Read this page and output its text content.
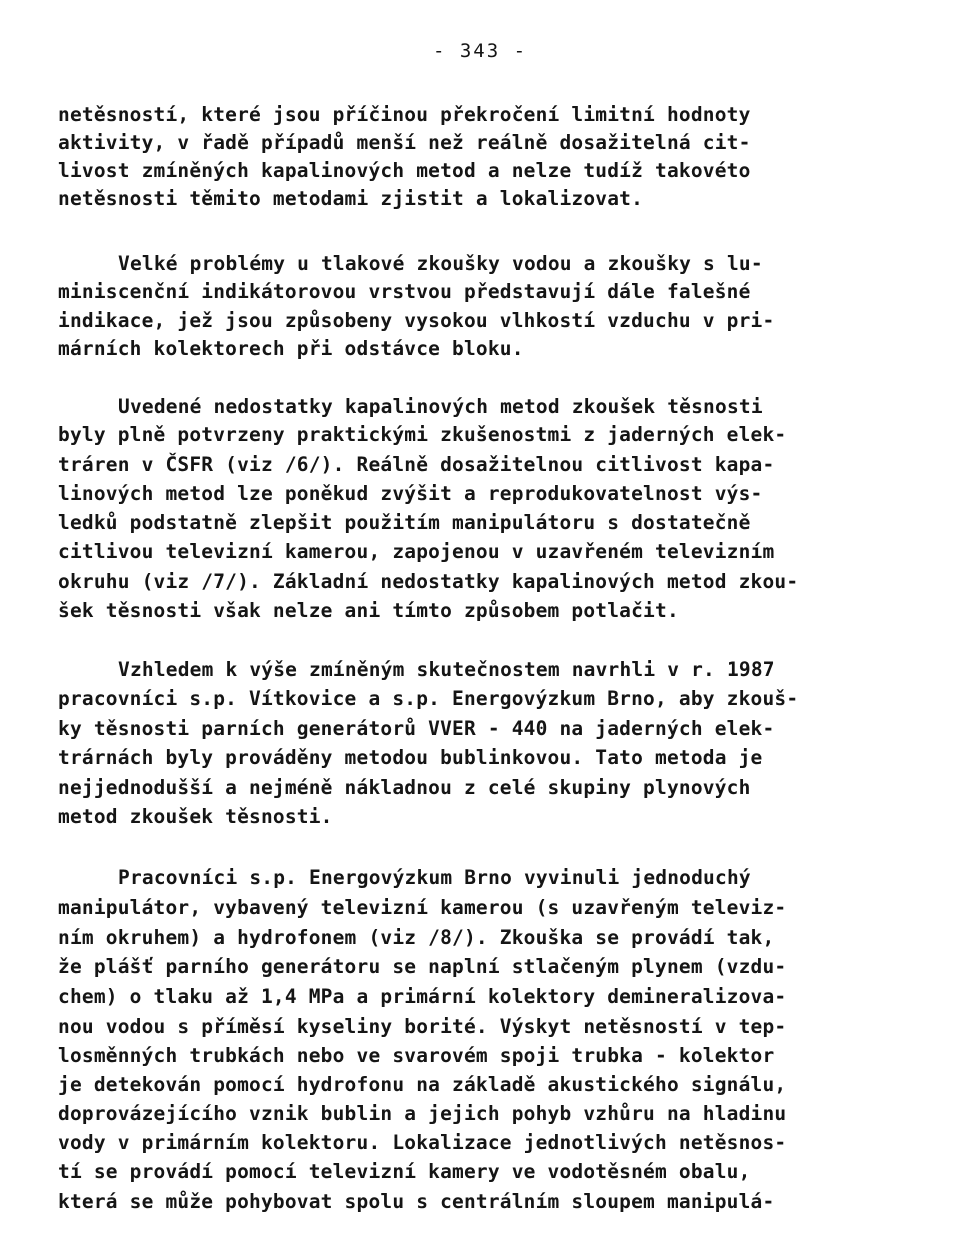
- 343 -
netěsností, které jsou příčinou překročení limitní hodnoty
aktivity, v řadě případů menší než reálně dosažitelná cit-
livost zmíněných kapalinových metod a nelze tudíž takovéto
netěsnosti těmito metodami zjistit a lokalizovat.
Velké problémy u tlakové zkoušky vodou a zkoušky s lu-
miniscenční indikátorovou vrstvou představují dále falešné
indikace, jež jsou způsobeny vysokou vlhkostí vzduchu v pri-
márních kolektorech při odstávce bloku.
Uvedené nedostatky kapalinových metod zkoušek těsnosti
byly plně potvrzeny praktickými zkušenostmi z jaderných elek-
tráren v ČSFR (viz /6/). Reálně dosažitelnou citlivost kapa-
linových metod lze poněkud zvýšit a reprodukovatelnost výs-
ledků podstatně zlepšit použitím manipulátoru s dostatečně
citlivou televizní kamerou, zapojenou v uzavřeném televizním
okruhu (viz /7/). Základní nedostatky kapalinových metod zkou-
šek těsnosti však nelze ani tímto způsobem potlačit.
Vzhledem k výše zmíněným skutečnostem navrhli v r. 1987
pracovníci s.p. Vítkovice a s.p. Energovýzkum Brno, aby zkouš-
ky těsnosti parních generátorů VVER - 440 na jaderných elek-
trárnách byly prováděny metodou bublinkovou. Tato metoda je
nejjednodušší a nejméně nákladnou z celé skupiny plynových
metod zkoušek těsnosti.
Pracovníci s.p. Energovýzkum Brno vyvinuli jednoduchý
manipulátor, vybavený televizní kamerou (s uzavřeným televiz-
ním okruhem) a hydrofonem (viz /8/). Zkouška se provádí tak,
že plášť parního generátoru se naplní stlačeným plynem (vzdu-
chem) o tlaku až 1,4 MPa a primární kolektory demineralizova-
nou vodou s příměsí kyseliny borité. Výskyt netěsností v tep-
losměnných trubkách nebo ve svarovém spoji trubka - kolektor
je detekován pomocí hydrofonu na základě akustického signálu,
doprovázejícího vznik bublin a jejich pohyb vzhůru na hladinu
vody v primárním kolektoru. Lokalizace jednotlivých netěsnos-
tí se provádí pomocí televizní kamery ve vodotěsném obalu,
která se může pohybovat spolu s centrálním sloupem manipulá-
